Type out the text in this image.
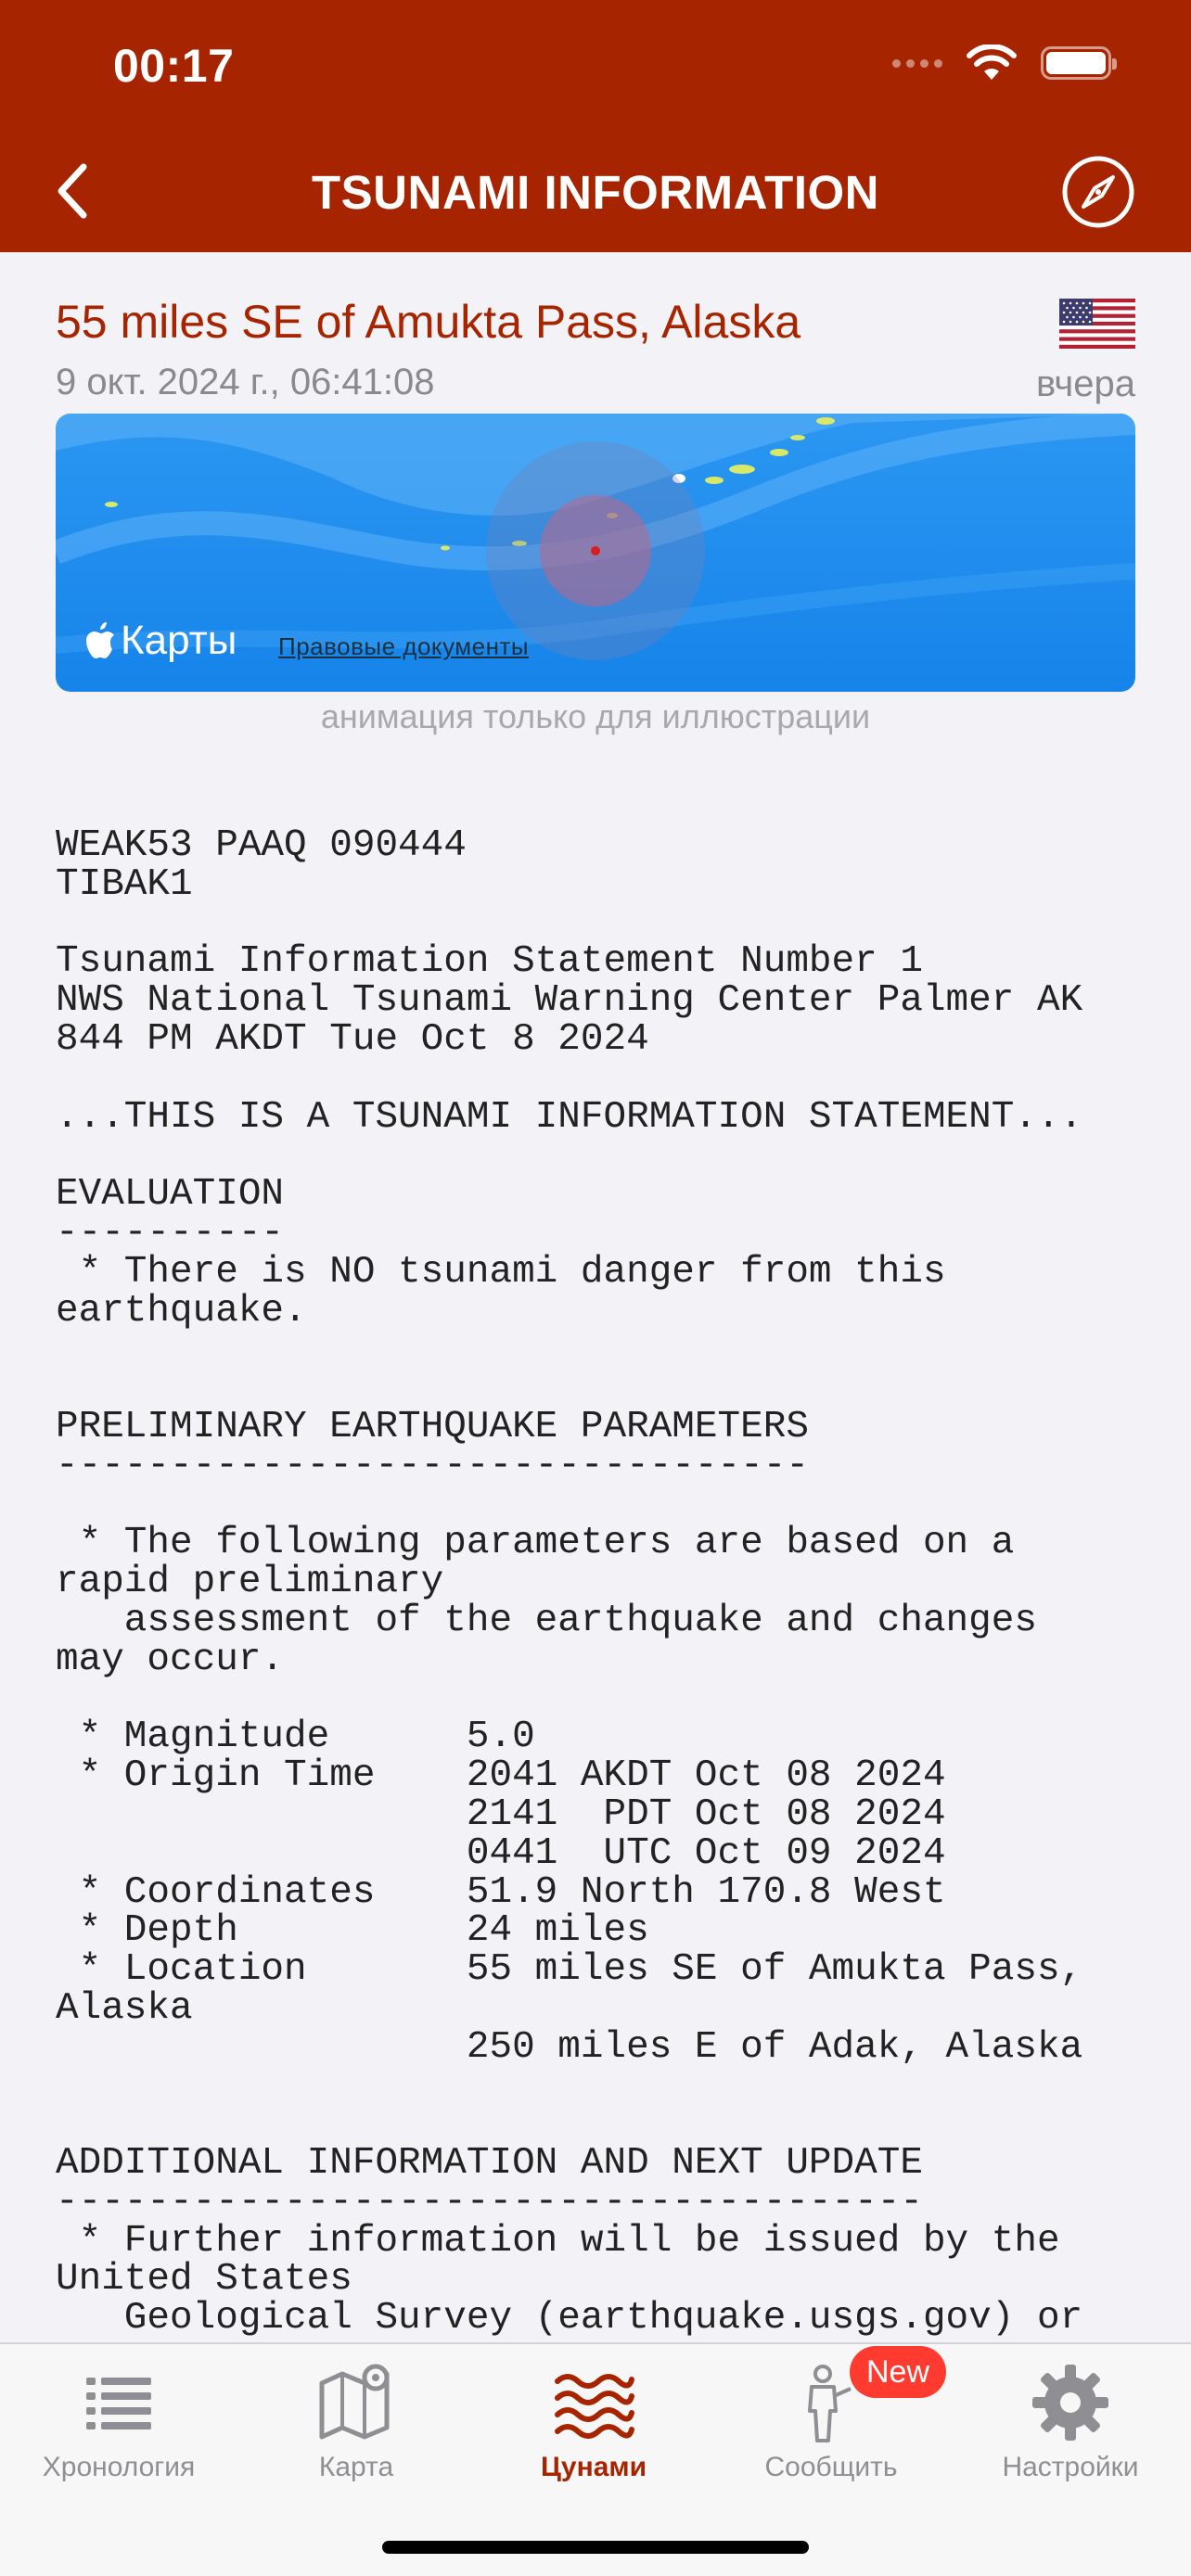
00:17
TSUNAMI INFORMATION
55 miles SE of Amukta Pass, Alaska
9 окт. 2024 г., 06:41:08	вчера
Карты Правовые документы
анимация только для иллюстрации
WEAK53 PAAQ 090444
TIBAK1

Tsunami Information Statement Number 1
NWS National Tsunami Warning Center Palmer AK
844 PM AKDT Tue Oct 8 2024

...THIS IS A TSUNAMI INFORMATION STATEMENT...

EVALUATION
----------
* There is NO tsunami danger from this
earthquake.

PRELIMINARY EARTHQUAKE PARAMETERS
---------------------------------

* The following parameters are based on a
rapid preliminary
assessment of the earthquake and changes
may occur.

* Magnitude      5.0
* Origin Time    2041 AKDT Oct 08 2024
2141  PDT Oct 08 2024
0441  UTC Oct 09 2024
* Coordinates    51.9 North 170.8 West
* Depth          24 miles
* Location       55 miles SE of Amukta Pass,
Alaska
250 miles E of Adak, Alaska

ADDITIONAL INFORMATION AND NEXT UPDATE
--------------------------------------
* Further information will be issued by the
United States
Geological Survey (earthquake.usgs.gov) or
Хронология	Карта	Цунами	Сообщить	Настройки
New
